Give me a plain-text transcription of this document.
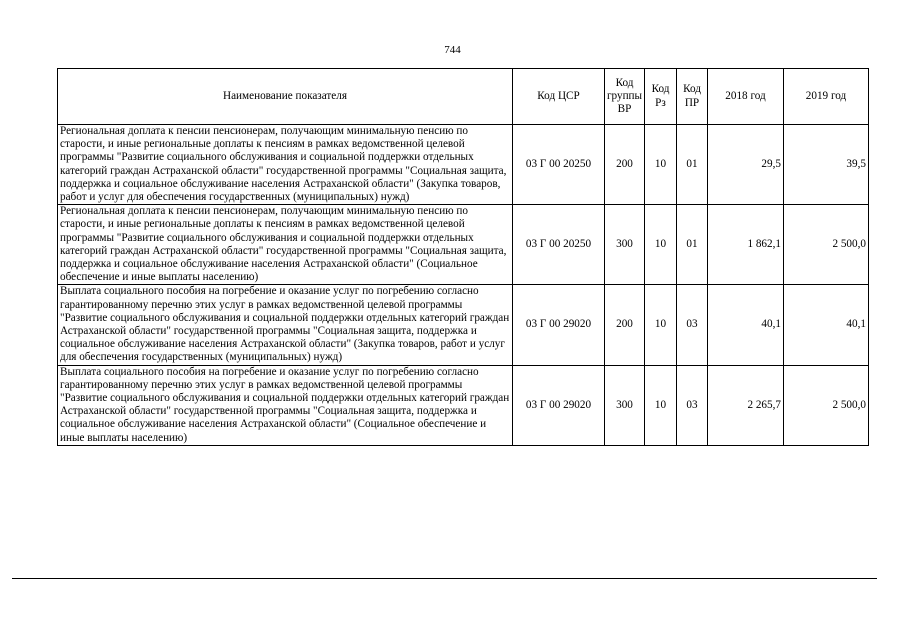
744
Наименование показателя	Код ЦСР	Код группы ВР	Код Рз	Код ПР	2018 год	2019 год
Региональная доплата к пенсии пенсионерам, получающим минимальную пенсию по старости, и иные региональные доплаты к пенсиям в рамках ведомственной целевой программы "Развитие социального обслуживания и социальной поддержки отдельных категорий граждан Астраханской области" государственной программы "Социальная защита, поддержка и социальное обслуживание населения Астраханской области" (Закупка товаров, работ и услуг для обеспечения государственных (муниципальных) нужд)	03 Г 00 20250	200	10	01	29,5	39,5
Региональная доплата к пенсии пенсионерам, получающим минимальную пенсию по старости, и иные региональные доплаты к пенсиям в рамках ведомственной целевой программы "Развитие социального обслуживания и социальной поддержки отдельных категорий граждан Астраханской области" государственной программы "Социальная защита, поддержка и социальное обслуживание населения Астраханской области" (Социальное обеспечение и иные выплаты населению)	03 Г 00 20250	300	10	01	1 862,1	2 500,0
Выплата социального пособия на погребение и оказание услуг по погребению согласно гарантированному перечню этих услуг в рамках ведомственной целевой программы "Развитие социального обслуживания и социальной поддержки отдельных категорий граждан Астраханской области" государственной программы "Социальная защита, поддержка и социальное обслуживание населения Астраханской области" (Закупка товаров, работ и услуг для обеспечения государственных (муниципальных) нужд)	03 Г 00 29020	200	10	03	40,1	40,1
Выплата социального пособия на погребение и оказание услуг по погребению согласно гарантированному перечню этих услуг в рамках ведомственной целевой программы "Развитие социального обслуживания и социальной поддержки отдельных категорий граждан Астраханской области" государственной программы "Социальная защита, поддержка и социальное обслуживание населения Астраханской области" (Социальное обеспечение и иные выплаты населению)	03 Г 00 29020	300	10	03	2 265,7	2 500,0
